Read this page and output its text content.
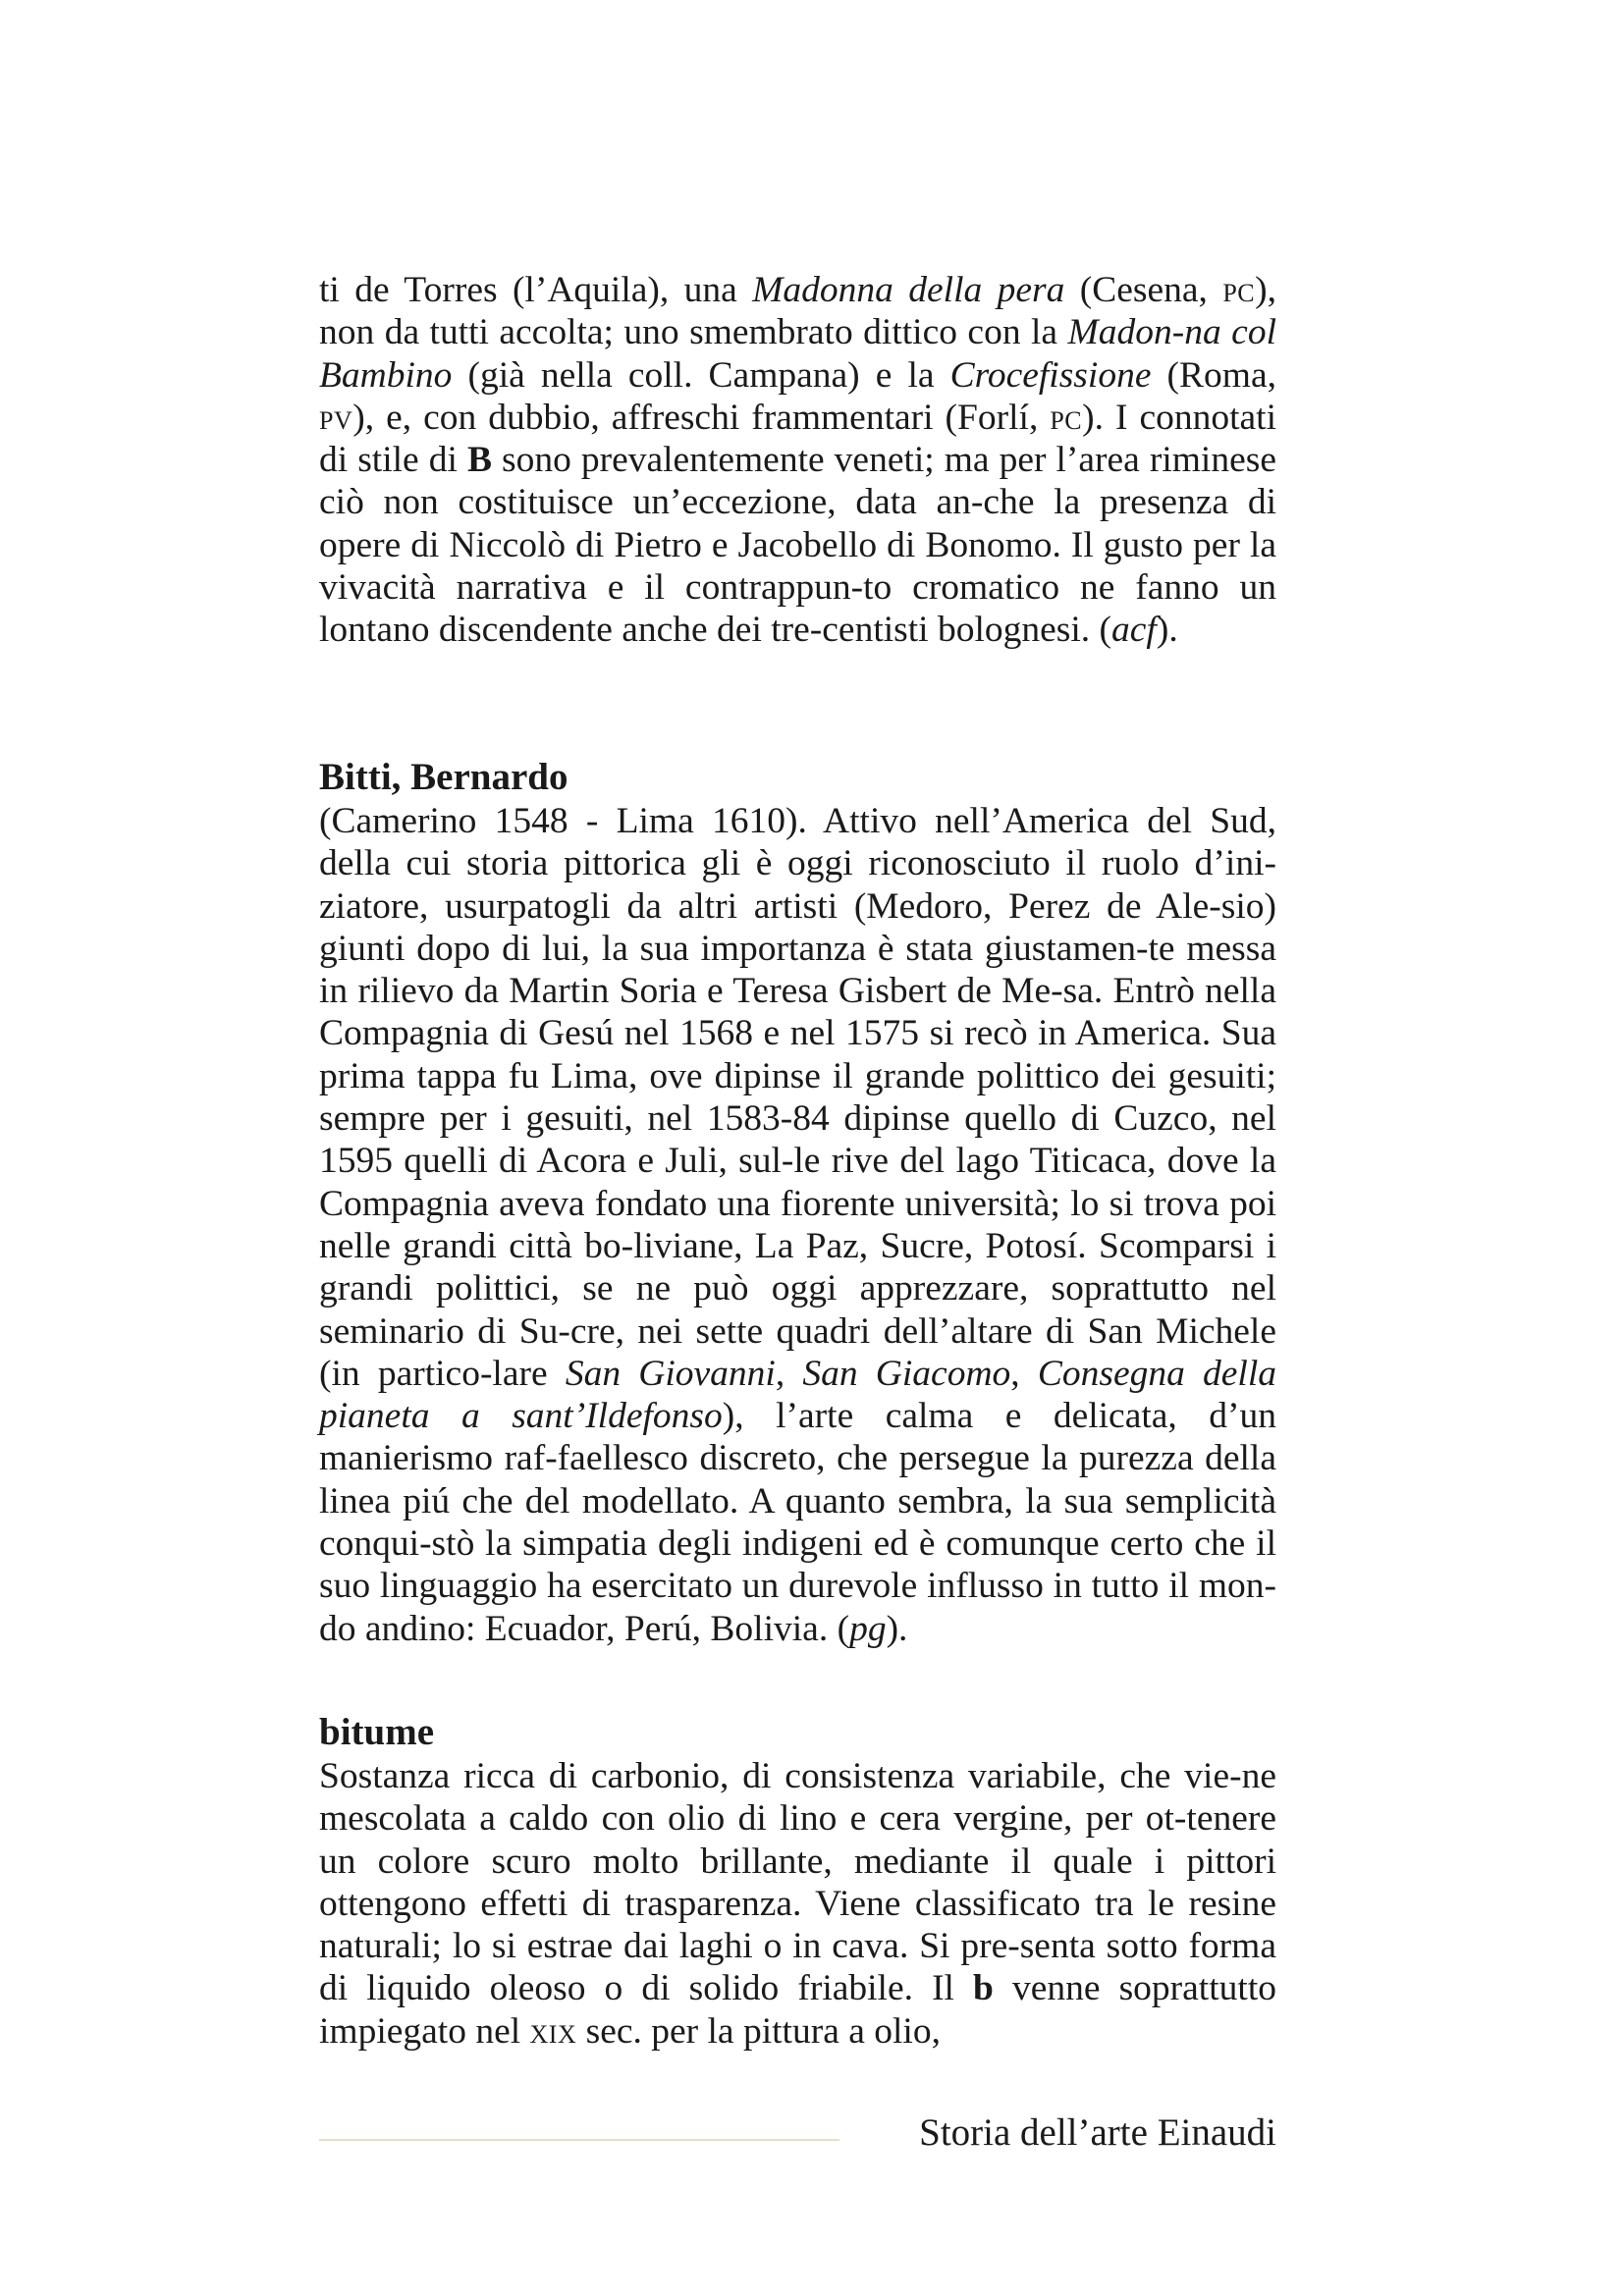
ti de Torres (l’Aquila), una Madonna della pera (Cesena, pc), non da tutti accolta; uno smembrato dittico con la Madon-na col Bambino (già nella coll. Campana) e la Crocefissione (Roma, pv), e, con dubbio, affreschi frammentari (Forlí, pc). I connotati di stile di B sono prevalentemente veneti; ma per l’area riminese ciò non costituisce un’eccezione, data an-che la presenza di opere di Niccolò di Pietro e Jacobello di Bonomo. Il gusto per la vivacità narrativa e il contrappun-to cromatico ne fanno un lontano discendente anche dei tre-centisti bolognesi. (acf).

Bitti, Bernardo

(Camerino 1548 - Lima 1610). Attivo nell’America del Sud, della cui storia pittorica gli è oggi riconosciuto il ruolo d’ini-ziatore, usurpatogli da altri artisti (Medoro, Perez de Ale-sio) giunti dopo di lui, la sua importanza è stata giustamen-te messa in rilievo da Martin Soria e Teresa Gisbert de Me-sa. Entrò nella Compagnia di Gesú nel 1568 e nel 1575 si recò in America. Sua prima tappa fu Lima, ove dipinse il grande polittico dei gesuiti; sempre per i gesuiti, nel 1583-84 dipinse quello di Cuzco, nel 1595 quelli di Acora e Juli, sul-le rive del lago Titicaca, dove la Compagnia aveva fondato una fiorente università; lo si trova poi nelle grandi città bo-liviane, La Paz, Sucre, Potosí. Scomparsi i grandi polittici, se ne può oggi apprezzare, soprattutto nel seminario di Su-cre, nei sette quadri dell’altare di San Michele (in partico-lare San Giovanni, San Giacomo, Consegna della pianeta a sant’Ildefonso), l’arte calma e delicata, d’un manierismo raf-faellesco discreto, che persegue la purezza della linea piú che del modellato. A quanto sembra, la sua semplicità conqui-stò la simpatia degli indigeni ed è comunque certo che il suo linguaggio ha esercitato un durevole influsso in tutto il mon-do andino: Ecuador, Perú, Bolivia. (pg).

bitume

Sostanza ricca di carbonio, di consistenza variabile, che vie-ne mescolata a caldo con olio di lino e cera vergine, per ot-tenere un colore scuro molto brillante, mediante il quale i pittori ottengono effetti di trasparenza. Viene classificato tra le resine naturali; lo si estrae dai laghi o in cava. Si pre-senta sotto forma di liquido oleoso o di solido friabile. Il b venne soprattutto impiegato nel xix sec. per la pittura a olio,

Storia dell’arte Einaudi
